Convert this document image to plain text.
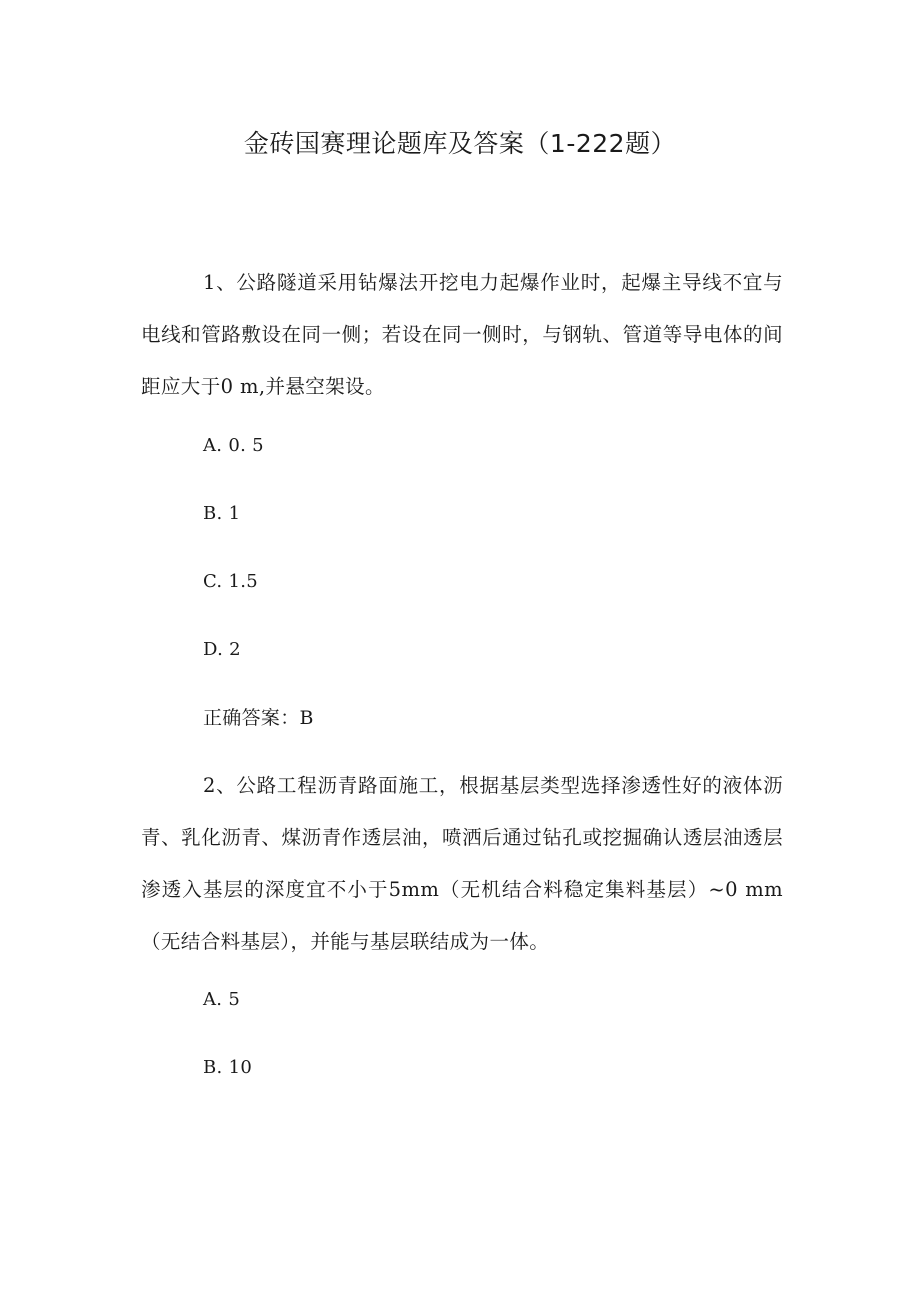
金砖国赛理论题库及答案（1-222题）
1、公路隧道采用钻爆法开挖电力起爆作业时，起爆主导线不宜与电线和管路敷设在同一侧；若设在同一侧时，与钢轨、管道等导电体的间距应大于0 m,并悬空架设。
A. 0. 5
B. 1
C. 1.5
D. 2
正确答案：B
2、公路工程沥青路面施工，根据基层类型选择渗透性好的液体沥青、乳化沥青、煤沥青作透层油，喷洒后通过钻孔或挖掘确认透层油透层渗透入基层的深度宜不小于5mm（无机结合料稳定集料基层）~0 mm （无结合料基层），并能与基层联结成为一体。
A. 5
B. 10
